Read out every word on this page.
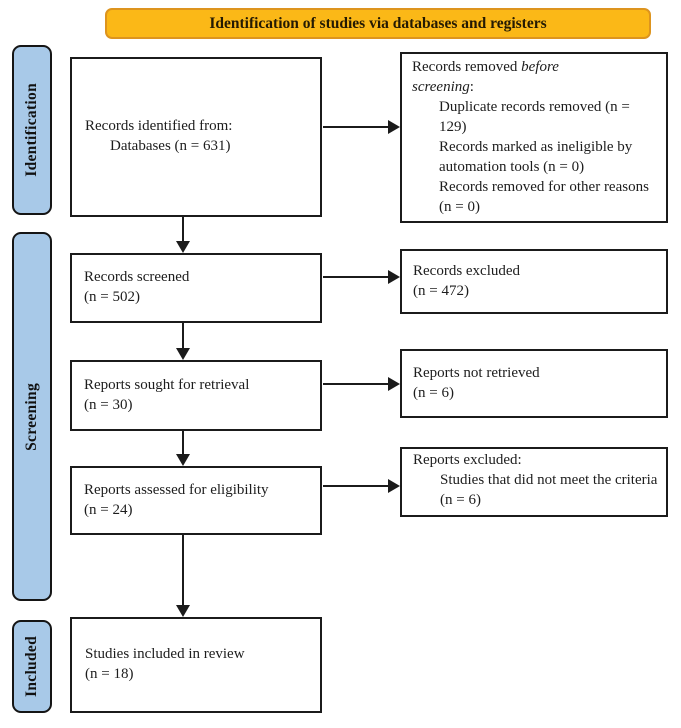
Identification of studies via databases and registers
Identification
Screening
Included
Records identified from:
Databases (n = 631)
Records removed before
screening:
Duplicate records removed (n = 129)
Records marked as ineligible by automation tools (n = 0)
Records removed for other reasons (n = 0)
Records screened
(n = 502)
Records excluded
(n = 472)
Reports sought for retrieval
(n = 30)
Reports not retrieved
(n = 6)
Reports assessed for eligibility
(n = 24)
Reports excluded:
Studies that did not meet the criteria (n = 6)
Studies included in review
(n = 18)
